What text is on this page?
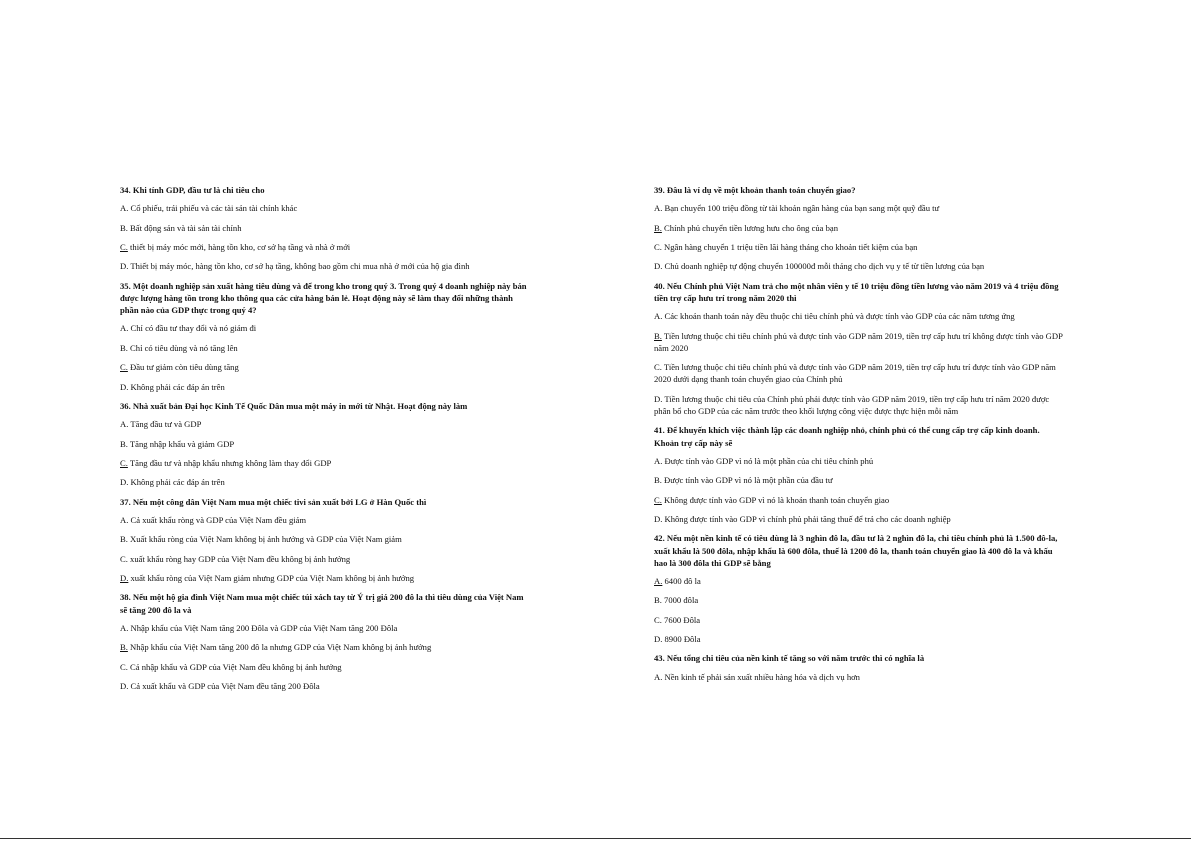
34. Khi tính GDP, đầu tư là chi tiêu cho
A. Cổ phiếu, trái phiếu và các tài sản tài chính khác
B. Bất động sản và tài sản tài chính
C. thiết bị máy móc mới, hàng tồn kho, cơ sở hạ tầng và nhà ở mới
D. Thiết bị máy móc, hàng tồn kho, cơ sở hạ tầng, không bao gồm chi mua nhà ở mới của hộ gia đình
35. Một doanh nghiệp sản xuất hàng tiêu dùng và để trong kho trong quý 3. Trong quý 4 doanh nghiệp này bán được lượng hàng tồn trong kho thông qua các cửa hàng bán lẻ. Hoạt động này sẽ làm thay đổi những thành phần nào của GDP thực trong quý 4?
A. Chỉ có đầu tư thay đổi và nó giảm đi
B. Chỉ có tiêu dùng và nó tăng lên
C. Đầu tư giảm còn tiêu dùng tăng
D. Không phải các đáp án trên
36. Nhà xuất bản Đại học Kinh Tế Quốc Dân mua một máy in mới từ Nhật. Hoạt động này làm
A. Tăng đầu tư và GDP
B. Tăng nhập khẩu và giảm GDP
C. Tăng đầu tư và nhập khẩu nhưng không làm thay đổi GDP
D. Không phải các đáp án trên
37. Nếu một công dân Việt Nam mua một chiếc tivi sản xuất bởi LG ở Hàn Quốc thì
A. Cả xuất khẩu ròng và GDP của Việt Nam đều giảm
B. Xuất khẩu ròng của Việt Nam không bị ảnh hưởng và GDP của Việt Nam giảm
C. xuất khẩu ròng hay GDP của Việt Nam đều không bị ảnh hưởng
D. xuất khẩu ròng của Việt Nam giảm nhưng GDP của Việt Nam không bị ảnh hưởng
38. Nếu một hộ gia đình Việt Nam mua một chiếc túi xách tay từ Ý trị giá 200 đô la thì tiêu dùng của Việt Nam sẽ tăng 200 đô la và
A. Nhập khẩu của Việt Nam tăng 200 Đôla và GDP của Việt Nam tăng 200 Đôla
B. Nhập khẩu của Việt Nam tăng 200 đô la nhưng GDP của Việt Nam không bị ảnh hưởng
C. Cả nhập khẩu và GDP của Việt Nam đều không bị ảnh hưởng
D. Cả xuất khẩu và GDP của Việt Nam đều tăng 200 Đôla
39. Đâu là ví dụ về một khoản thanh toán chuyển giao?
A. Bạn chuyển 100 triệu đồng từ tài khoản ngân hàng của bạn sang một quỹ đầu tư
B. Chính phủ chuyển tiền lương hưu cho ông của bạn
C. Ngân hàng chuyển 1 triệu tiền lãi hàng tháng cho khoản tiết kiệm của bạn
D. Chủ doanh nghiệp tự động chuyển 100000đ mỗi tháng cho dịch vụ y tế từ tiền lương của bạn
40. Nếu Chính phủ Việt Nam trả cho một nhân viên y tế 10 triệu đồng tiền lương vào năm 2019 và 4 triệu đồng tiền trợ cấp hưu trí trong năm 2020 thì
A. Các khoản thanh toán này đều thuộc chi tiêu chính phủ và được tính vào GDP của các năm tương ứng
B. Tiền lương thuộc chi tiêu chính phủ và được tính vào GDP năm 2019, tiền trợ cấp hưu trí không được tính vào GDP năm 2020
C. Tiền lương thuộc chi tiêu chính phủ và được tính vào GDP năm 2019, tiền trợ cấp hưu trí được tính vào GDP năm 2020 dưới dạng thanh toán chuyển giao của Chính phủ
D. Tiền lương thuộc chi tiêu của Chính phủ phải được tính vào GDP năm 2019, tiền trợ cấp hưu trí năm 2020 được phân bổ cho GDP của các năm trước theo khối lượng công việc được thực hiện mỗi năm
41. Để khuyến khích việc thành lập các doanh nghiệp nhỏ, chính phủ có thể cung cấp trợ cấp kinh doanh. Khoản trợ cấp này sẽ
A. Được tính vào GDP vì nó là một phần của chi tiêu chính phủ
B. Được tính vào GDP vì nó là một phần của đầu tư
C. Không được tính vào GDP vì nó là khoản thanh toán chuyển giao
D. Không được tính vào GDP vì chính phủ phải tăng thuế để trả cho các doanh nghiệp
42. Nếu một nền kinh tế có tiêu dùng là 3 nghìn đô la, đầu tư là 2 nghìn đô la, chi tiêu chính phủ là 1.500 đô-la, xuất khẩu là 500 đôla, nhập khẩu là 600 đôla, thuế là 1200 đô la, thanh toán chuyển giao là 400 đô la và khấu hao là 300 đôla thì GDP sẽ bằng
A. 6400 đô la
B. 7000 đôla
C. 7600 Đôla
D. 8900 Đôla
43. Nếu tổng chi tiêu của nền kinh tế tăng so với năm trước thì có nghĩa là
A. Nền kinh tế phải sản xuất nhiều hàng hóa và dịch vụ hơn
